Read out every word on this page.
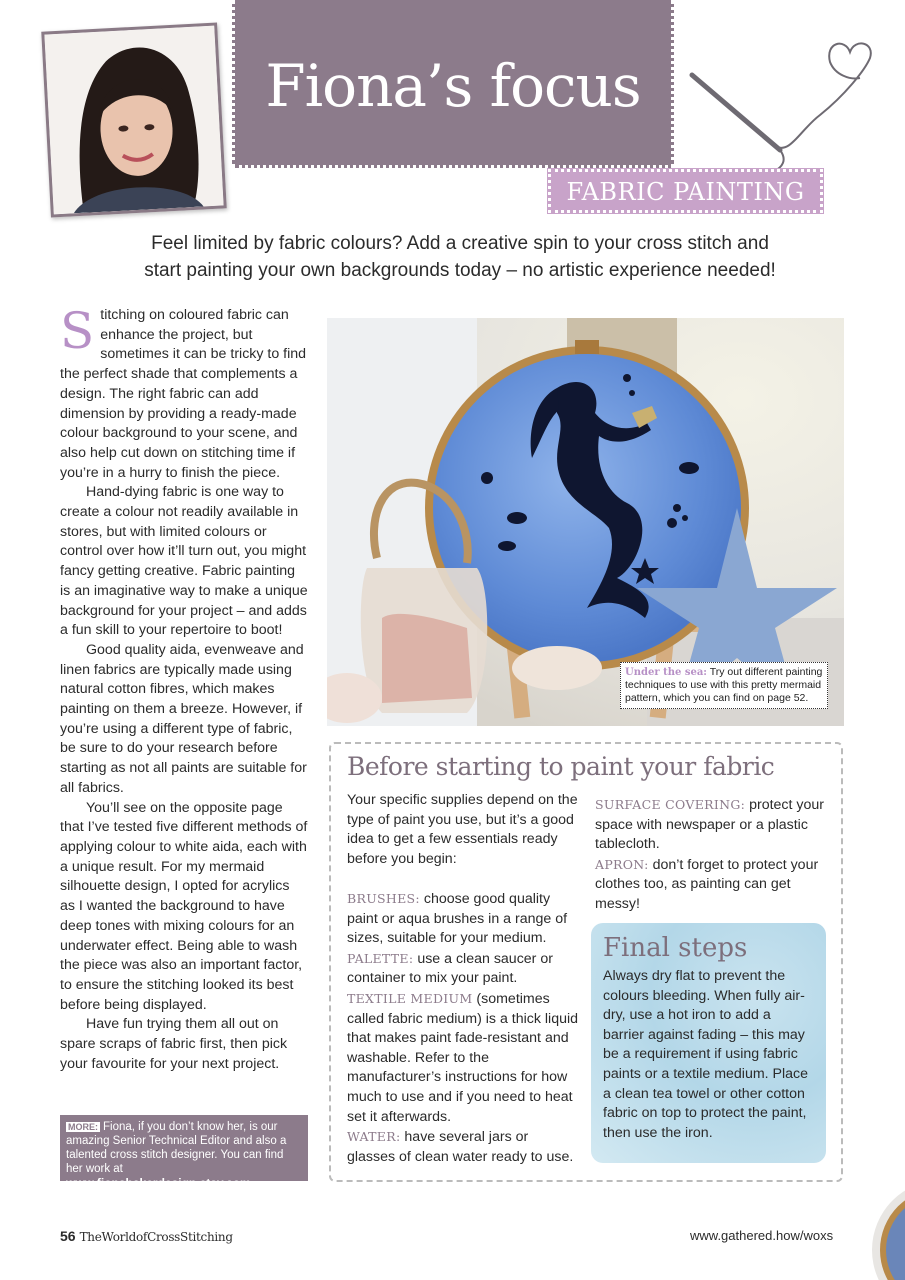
Fiona’s focus
FABRIC PAINTING
Feel limited by fabric colours? Add a creative spin to your cross stitch and
start painting your own backgrounds today – no artistic experience needed!

Stitching on coloured fabric can enhance the project, but sometimes it can be tricky to find the perfect shade that complements a design. The right fabric can add dimension by providing a ready-made colour background to your scene, and also help cut down on stitching time if you’re in a hurry to finish the piece.

Hand-dying fabric is one way to create a colour not readily available in stores, but with limited colours or control over how it’ll turn out, you might fancy getting creative. Fabric painting is an imaginative way to make a unique background for your project – and adds a fun skill to your repertoire to boot!

Good quality aida, evenweave and linen fabrics are typically made using natural cotton fibres, which makes painting on them a breeze. However, if you’re using a different type of fabric, be sure to do your research before starting as not all paints are suitable for all fabrics.

You’ll see on the opposite page that I’ve tested five different methods of applying colour to white aida, each with a unique result. For my mermaid silhouette design, I opted for acrylics as I wanted the background to have deep tones with mixing colours for an underwater effect. Being able to wash the piece was also an important factor, to ensure the stitching looked its best before being displayed.

Have fun trying them all out on spare scraps of fabric first, then pick your favourite for your next project.

MORE: Fiona, if you don’t know her, is our amazing Senior Technical Editor and also a talented cross stitch designer. You can find her work at www.fionabakerdesign.etsy.com
Under the sea: Try out different painting techniques to use with this pretty mermaid pattern, which you can find on page 52.
Before starting to paint your fabric

Your specific supplies depend on the type of paint you use, but it’s a good idea to get a few essentials ready before you begin:

BRUSHES: choose good quality paint or aqua brushes in a range of sizes, suitable for your medium.

PALETTE: use a clean saucer or container to mix your paint.

TEXTILE MEDIUM (sometimes called fabric medium) is a thick liquid that makes paint fade-resistant and washable. Refer to the manufacturer’s instructions for how much to use and if you need to heat set it afterwards.

WATER: have several jars or glasses of clean water ready to use.

SURFACE COVERING: protect your space with newspaper or a plastic tablecloth.

APRON: don’t forget to protect your clothes too, as painting can get messy!

Final steps

Always dry flat to prevent the colours bleeding. When fully air-dry, use a hot iron to add a barrier against fading – this may be a requirement if using fabric paints or a textile medium. Place a clean tea towel or other cotton fabric on top to protect the paint, then use the iron.

56 TheWorldofCrossStitching	www.gathered.how/woxs
